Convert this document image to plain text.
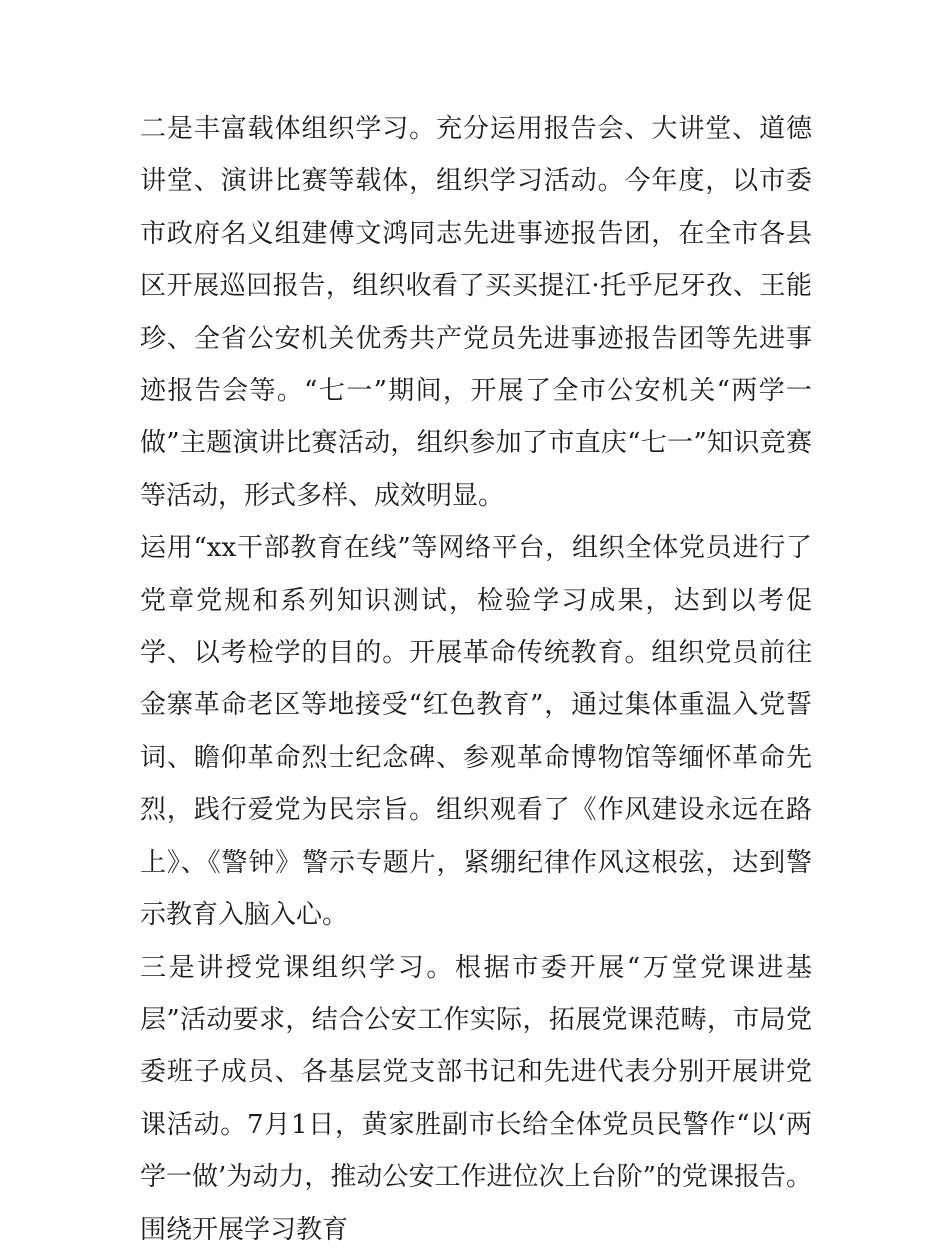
二是丰富载体组织学习。充分运用报告会、大讲堂、道德讲堂、演讲比赛等载体，组织学习活动。今年度，以市委市政府名义组建傅文鸿同志先进事迹报告团，在全市各县区开展巡回报告，组织收看了买买提江·托乎尼牙孜、王能珍、全省公安机关优秀共产党员先进事迹报告团等先进事迹报告会等。“七一”期间，开展了全市公安机关“两学一做”主题演讲比赛活动，组织参加了市直庆“七一”知识竞赛等活动，形式多样、成效明显。

运用“xx干部教育在线”等网络平台，组织全体党员进行了党章党规和系列知识测试，检验学习成果，达到以考促学、以考检学的目的。开展革命传统教育。组织党员前往金寨革命老区等地接受“红色教育”，通过集体重温入党誓词、瞻仰革命烈士纪念碑、参观革命博物馆等缅怀革命先烈，践行爱党为民宗旨。组织观看了《作风建设永远在路上》、《警钟》警示专题片，紧绷纪律作风这根弦，达到警示教育入脑入心。

三是讲授党课组织学习。根据市委开展“万堂党课进基层”活动要求，结合公安工作实际，拓展党课范畴，市局党委班子成员、各基层党支部书记和先进代表分别开展讲党课活动。7月1日，黄家胜副市长给全体党员民警作“以‘两学一做’为动力，推动公安工作进位次上台阶”的党课报告。围绕开展学习教育
